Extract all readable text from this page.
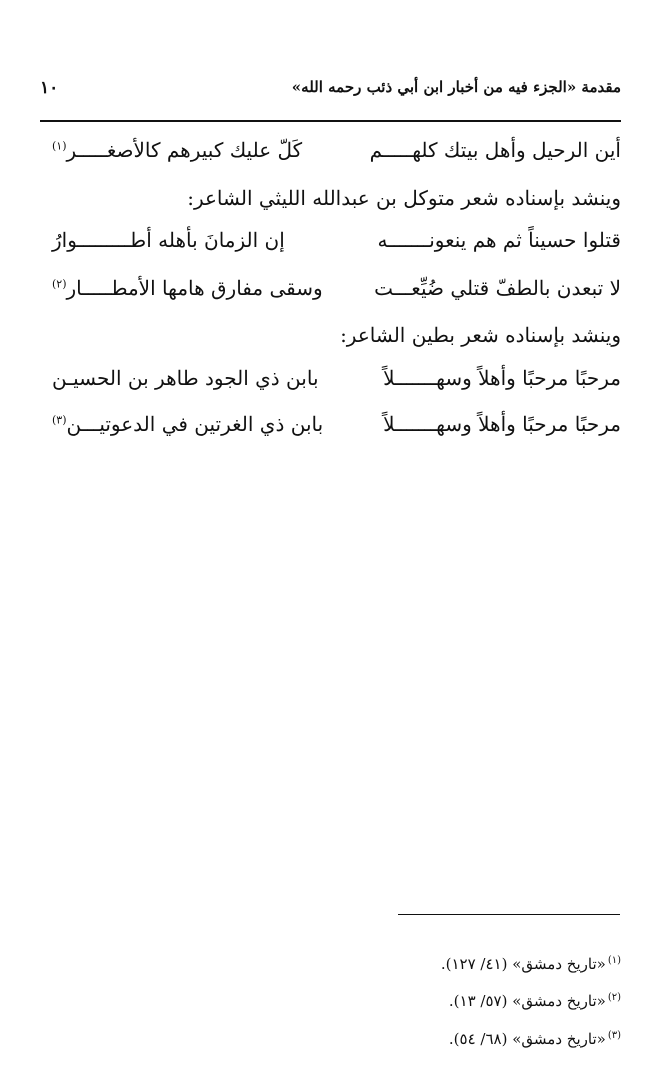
مقدمة «الجزء فيه من أخبار ابن أبي ذئب رحمه الله»
١٠
أين الرحيل وأهل بيتك كلهـــــم
كَلّ عليك كبيرهم كالأصغـــــر$^{(١)}$
وينشد بإسناده شعر متوكل بن عبدالله الليثي الشاعر:
قتلوا حسيناً ثم هم ينعونـــــــه
إن الزمانَ بأهله أطـــــــــوارُ
لا تبعدن بالطفّ قتلي ضُيِّعـــت
وسقى مفارق هامها الأمطـــــار$^{(٢)}$
وينشد بإسناده شعر بطين الشاعر:
مرحبًا مرحبًا وأهلاً وسهـــــــلاً
بابن ذي الجود طاهر بن الحسيـن
مرحبًا مرحبًا وأهلاً وسهـــــــلاً
بابن ذي الغرتين في الدعوتيـــن$^{(٣)}$
$^{(١)}$«تاريخ دمشق» (٤١/ ١٢٧).
$^{(٢)}$«تاريخ دمشق» (٥٧/ ١٣).
$^{(٣)}$«تاريخ دمشق» (٦٨/ ٥٤).
